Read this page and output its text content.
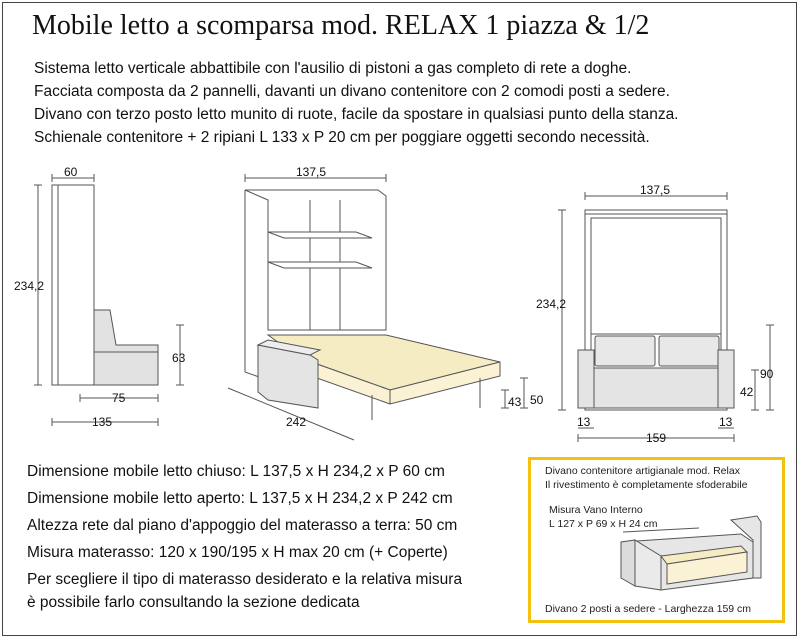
Mobile letto a scomparsa mod. RELAX 1 piazza & 1/2
Sistema letto verticale abbattibile con l'ausilio di pistoni a gas completo di rete a doghe.
Facciata composta da 2 pannelli, davanti un divano contenitore con 2 comodi posti a sedere.
Divano con terzo posto letto munito di ruote, facile da spostare in qualsiasi punto della stanza.
Schienale contenitore + 2 ripiani L 133 x P 20 cm per poggiare oggetti secondo necessità.
60
234,2
63
75
135
137,5
242
43 50
137,5
234,2
90
42
13	13
159
Dimensione mobile letto chiuso: L 137,5 x H 234,2 x P 60 cm
Dimensione mobile letto aperto: L 137,5 x H 234,2 x P 242 cm
Altezza rete dal piano d'appoggio del materasso a terra: 50 cm
Misura materasso: 120 x 190/195 x H max 20 cm (+ Coperte)
Per scegliere il tipo di materasso desiderato e la relativa misura
è possibile farlo consultando la sezione dedicata
Divano contenitore artigianale mod. Relax
Il rivestimento è completamente sfoderabile
Misura Vano Interno
L 127 x P 69 x H 24 cm
Divano 2 posti a sedere - Larghezza 159 cm
